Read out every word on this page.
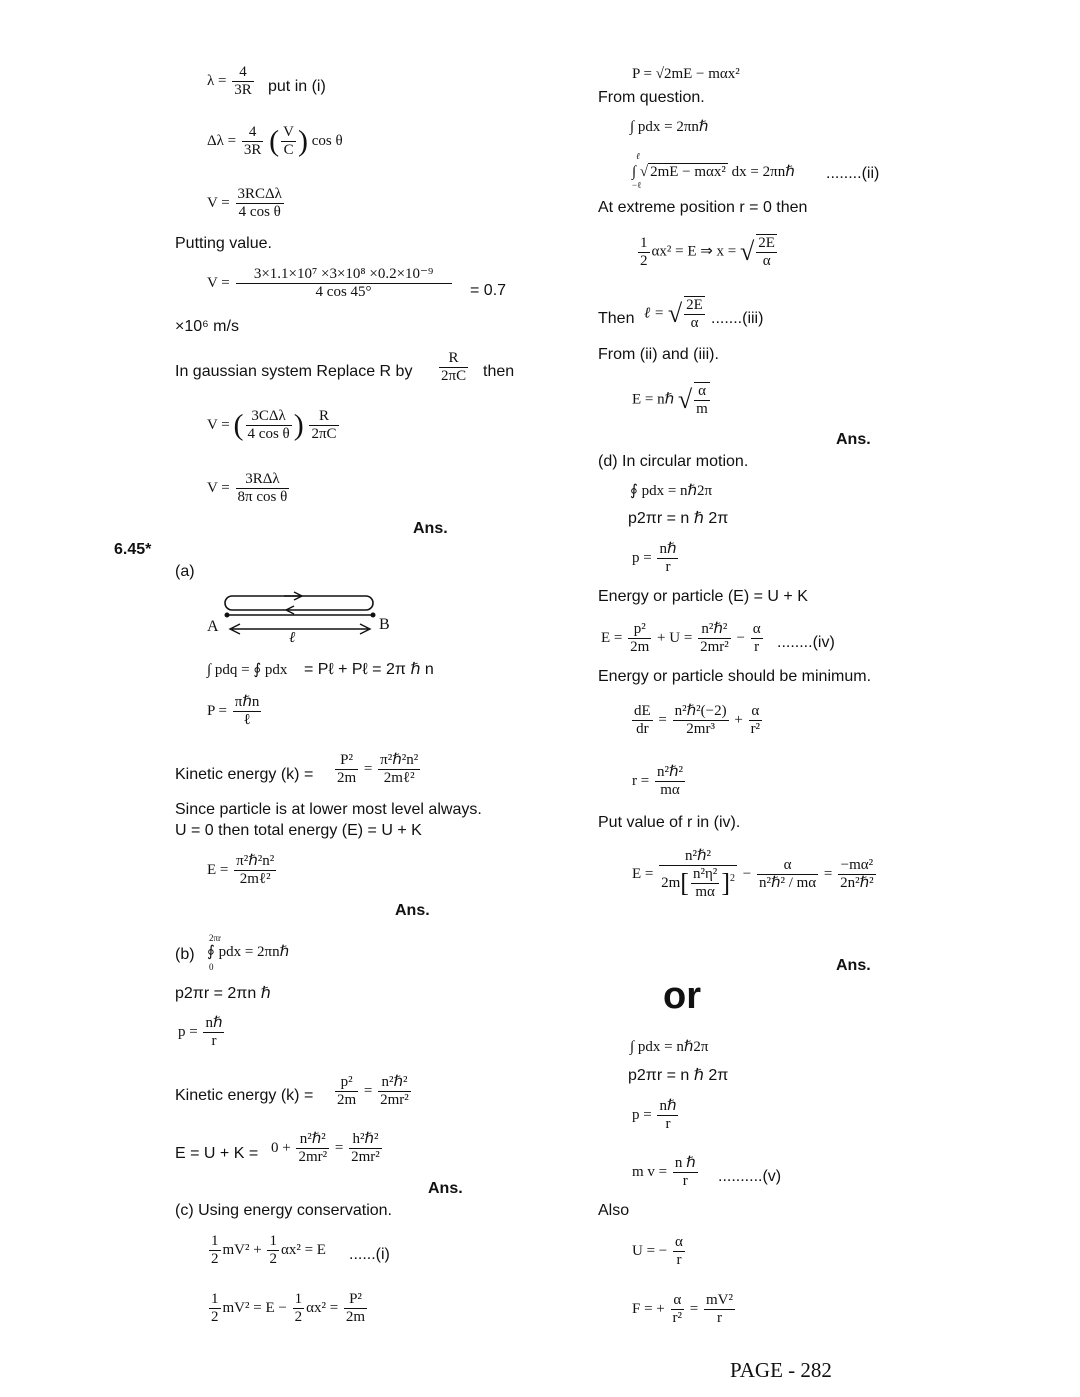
$\lambda = \frac{4}{3R}$ put in (i)
$\Delta\lambda = \frac{4}{3R}$ ( $\frac{V}{C}$ ) cos θ
$V = \frac{\text{3RCΔλ}}{\text{4 cos θ}}$
Putting value.
$V = \frac{\text{3×1.1×10⁷ ×3×10⁸ ×0.2×10⁻⁹}}{4 \cos 45^\circ} = 0.7$
×10⁶ m/s
In gaussian system Replace R by $\frac{R}{2\pi C}$ then
V = ( $\frac{\text{3CΔλ}}{\text{4 cos θ}}$ ) $\frac{R}{2\pi C}$
$V = \frac{\text{3RΔλ}}{\text{8π cos θ}}$
Ans.
6.45*
(a)
A	B
ℓ
∫ pdq = ∮ pdx = Pℓ + Pℓ = 2π ℏ n
$P = \frac{\text{πℏn}}{\text{ℓ}}$
Kinetic energy $(k) = \frac{\text{P²}}{2m} = \frac{\text{π²ℏ²n²}}{\text{2mℓ²}}$
Since particle is at lower most level always.
U = 0 then total energy (E) = U + K
$E = \frac{\text{π²ℏ²n²}}{\text{2mℓ²}}$
Ans.
(b)
2πr
0
∮ pdx = 2πnℏ
p2πr = 2πn ℏ
$p = \frac{\text{nℏ}}{r}$
Kinetic energy $(k) = \frac{\text{p²}}{2m} = \frac{\text{n²ℏ²}}{\text{2mr²}}$
$E = U + K = 0 + \frac{\text{n²ℏ²}}{\text{2mr²}} = \frac{\text{h²ℏ²}}{\text{2mr²}}$
Ans.
(c) Using energy conservation.
$\frac{1}{2} mV^2 + \frac{1}{2} \alpha x^2 = E$ ......(i)
$\frac{1}{2} mV^2 = E - \frac{1}{2} \alpha x^2 = \frac{\text{P²}}{2m}$
P = √2mE − mαx²
From question.
∫ pdx = 2πnℏ
ℓ
−ℓ
∫ √ 2mE − mαx² dx = 2πnℏ ........(ii)
At extreme position r = 0 then
$\frac{1}{2} \alpha x^2 = E$ ⇒ x = √ $\frac{2E}{\alpha}$
Then ℓ = √ $\frac{2E}{\alpha} .......(iii)$
From (ii) and (iii).
E = nℏ √ $\frac{\alpha}{m}$
Ans.
(d) In circular motion.
∮ pdx = nℏ2π
p2πr = n ℏ 2π
$p = \frac{\text{nℏ}}{r}$
Energy or particle (E) = U + K
$E = \frac{\text{p²}}{2m} + U = \frac{\text{n²ℏ²}}{\text{2mr²}} - \frac{\alpha}{r} ........(iv)$
Energy or particle should be minimum.
$\frac{dE}{dr} = \frac{\text{n²ℏ²(−2)}}{\text{2mr³}} + \frac{\alpha}{\text{r²}}$
$r = \frac{\text{n²ℏ²}}{m\alpha}$
Put value of r in (iv).
$E = \frac{\text{n²ℏ²}}{2m[ \frac{\text{n²η²}}{m\alpha} ]^2} - \frac{\alpha}{\text{n²ℏ² / mα}} = \frac{\text{−mα²}}{\text{2n²ℏ²}}$
Ans.
or
∫ pdx = nℏ2π
p2πr = n ℏ 2π
$p = \frac{\text{nℏ}}{r}$
m $v = \frac{\text{n ℏ}}{r} ..........(v)$
Also
U = − $\frac{\alpha}{r}$
F = + $\frac{\alpha}{\text{r²}} = \frac{\text{mV²}}{r}$
PAGE - 282
